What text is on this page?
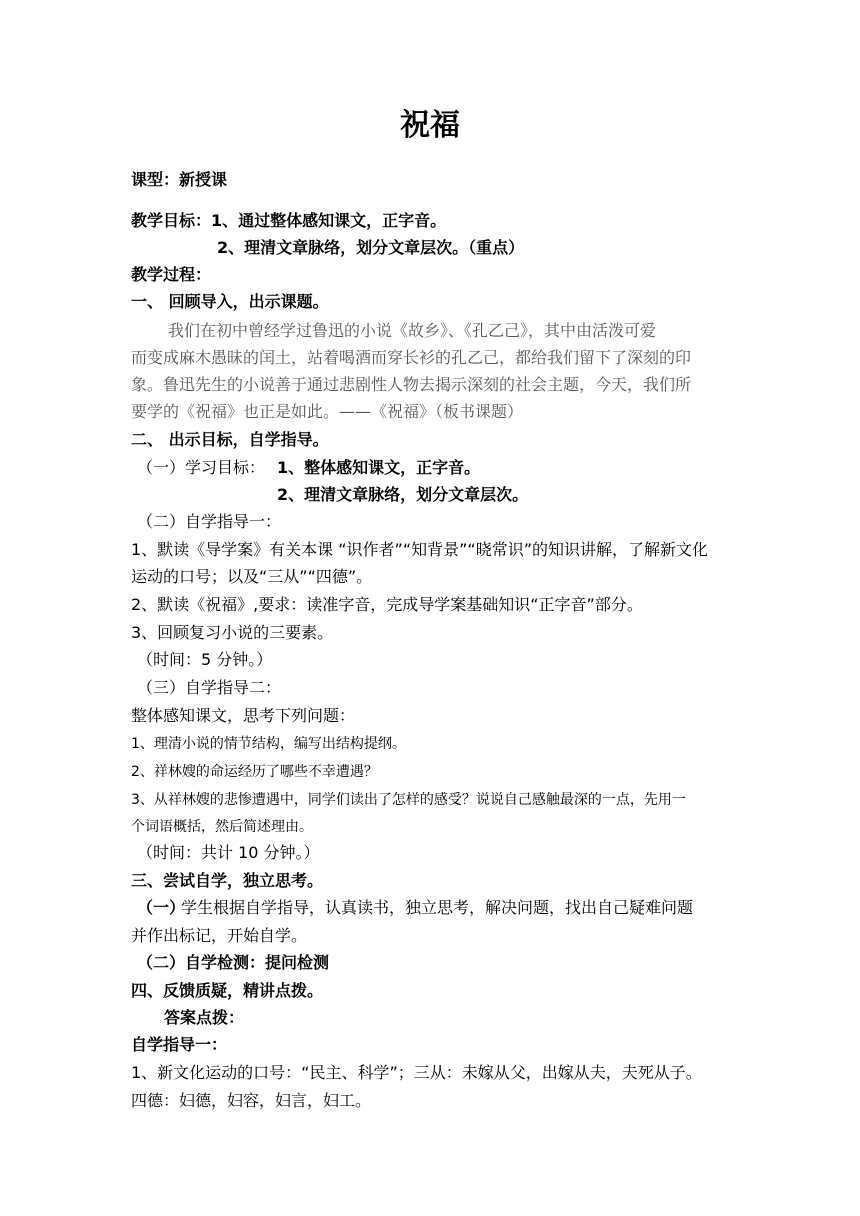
祝福
课型：新授课
教学目标：1、通过整体感知课文，正字音。
2、理清文章脉络，划分文章层次。（重点）
教学过程：
一、 回顾导入，出示课题。
我们在初中曾经学过鲁迅的小说《故乡》、《孔乙己》，其中由活泼可爱
而变成麻木愚昧的闰土，站着喝酒而穿长衫的孔乙己，都给我们留下了深刻的印
象。鲁迅先生的小说善于通过悲剧性人物去揭示深刻的社会主题，今天，我们所
要学的《祝福》也正是如此。——《祝福》（板书课题）
二、 出示目标，自学指导。
（一）学习目标： 1、整体感知课文，正字音。
2、理清文章脉络，划分文章层次。
（二）自学指导一：
1、默读《导学案》有关本课 “识作者”“知背景”“晓常识”的知识讲解，了解新文化
运动的口号；以及“三从”“四德”。
2、默读《祝福》,要求：读准字音，完成导学案基础知识“正字音”部分。
3、回顾复习小说的三要素。
（时间：5 分钟。）
（三）自学指导二：
整体感知课文，思考下列问题：
1、理清小说的情节结构，编写出结构提纲。
2、祥林嫂的命运经历了哪些不幸遭遇？
3、从祥林嫂的悲惨遭遇中，同学们读出了怎样的感受？说说自己感触最深的一点，先用一
个词语概括，然后简述理由。
（时间：共计 10 分钟。）
三、尝试自学，独立思考。
（一）
学生根据自学指导，认真读书，独立思考，解决问题，找出自己疑难问题
并作出标记，开始自学。
（二）自学检测：提问检测
四、反馈质疑，精讲点拨。
答案点拨：
自学指导一：
1、新文化运动的口号：“民主、科学”；三从：未嫁从父，出嫁从夫，夫死从子。
四德：妇德，妇容，妇言，妇工。
